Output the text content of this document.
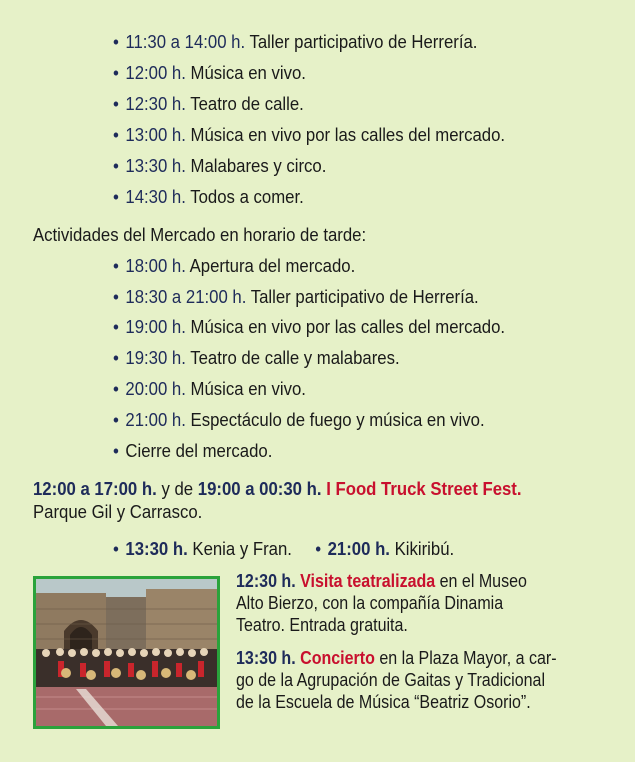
• 11:30 a 14:00 h. Taller participativo de Herrería.
• 12:00 h. Música en vivo.
• 12:30 h. Teatro de calle.
• 13:00 h. Música en vivo por las calles del mercado.
• 13:30 h. Malabares y circo.
• 14:30 h. Todos a comer.
Actividades del Mercado en horario de tarde:
• 18:00 h. Apertura del mercado.
• 18:30 a 21:00 h. Taller participativo de Herrería.
• 19:00 h. Música en vivo por las calles del mercado.
• 19:30 h. Teatro de calle y malabares.
• 20:00 h. Música en vivo.
• 21:00 h. Espectáculo de fuego y música en vivo.
• Cierre del mercado.
12:00 a 17:00 h. y de 19:00 a 00:30 h. I Food Truck Street Fest.
Parque Gil y Carrasco.
• 13:30 h. Kenia y Fran. • 21:00 h. Kikiribú.

12:30 h. Visita teatralizada en el Museo
Alto Bierzo, con la compañía Dinamia
Teatro. Entrada gratuita.

13:30 h. Concierto en la Plaza Mayor, a car-
go de la Agrupación de Gaitas y Tradicional
de la Escuela de Música “Beatriz Osorio”.
